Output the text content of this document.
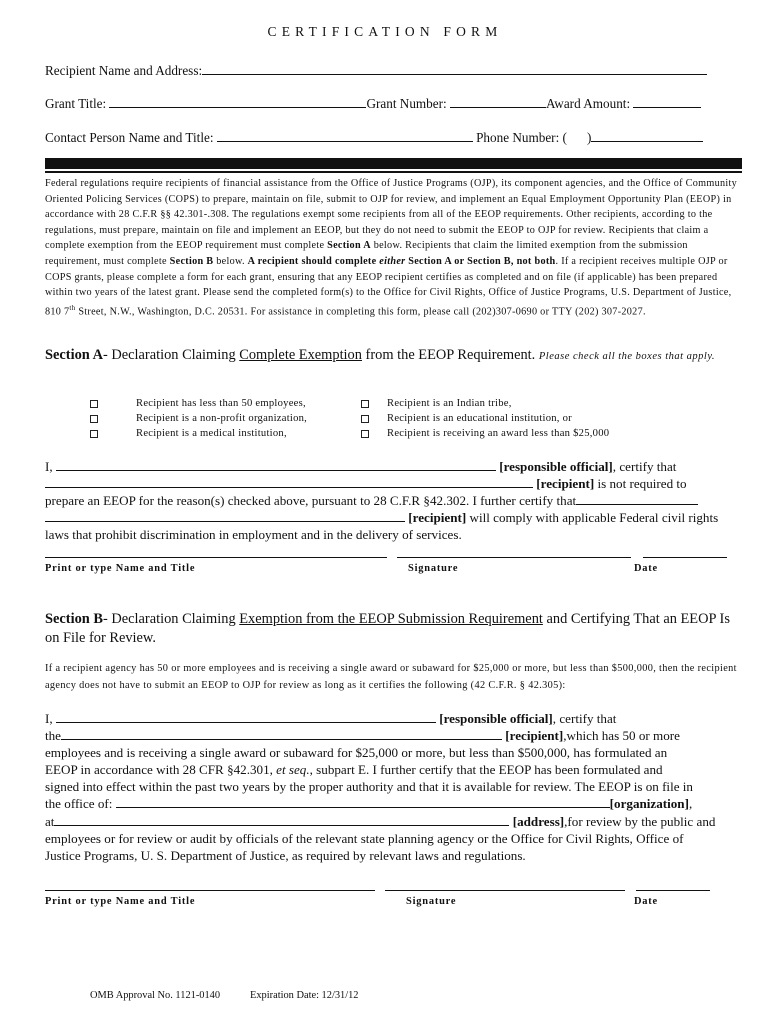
CERTIFICATION FORM
Recipient Name and Address:
Grant Title:	Grant Number:	Award Amount:
Contact Person Name and Title:	Phone Number: ( )
Federal regulations require recipients of financial assistance from the Office of Justice Programs (OJP), its component agencies, and the Office of Community Oriented Policing Services (COPS) to prepare, maintain on file, submit to OJP for review, and implement an Equal Employment Opportunity Plan (EEOP) in accordance with 28 C.F.R §§ 42.301-.308. The regulations exempt some recipients from all of the EEOP requirements. Other recipients, according to the regulations, must prepare, maintain on file and implement an EEOP, but they do not need to submit the EEOP to OJP for review. Recipients that claim a complete exemption from the EEOP requirement must complete Section A below. Recipients that claim the limited exemption from the submission requirement, must complete Section B below. A recipient should complete either Section A or Section B, not both. If a recipient receives multiple OJP or COPS grants, please complete a form for each grant, ensuring that any EEOP recipient certifies as completed and on file (if applicable) has been prepared within two years of the latest grant. Please send the completed form(s) to the Office for Civil Rights, Office of Justice Programs, U.S. Department of Justice, 810 7th Street, N.W., Washington, D.C. 20531. For assistance in completing this form, please call (202)307-0690 or TTY (202) 307-2027.
Section A- Declaration Claiming Complete Exemption from the EEOP Requirement. Please check all the boxes that apply.
Recipient has less than 50 employees,
Recipient is a non-profit organization,
Recipient is a medical institution,
Recipient is an Indian tribe,
Recipient is an educational institution, or
Recipient is receiving an award less than $25,000
I,	[responsible official], certify that
[recipient] is not required to
prepare an EEOP for the reason(s) checked above, pursuant to 28 C.F.R §42.302. I further certify that
[recipient] will comply with applicable Federal civil rights
laws that prohibit discrimination in employment and in the delivery of services.
Print or type Name and Title	Signature	Date
Section B- Declaration Claiming Exemption from the EEOP Submission Requirement and Certifying That an EEOP Is on File for Review.
If a recipient agency has 50 or more employees and is receiving a single award or subaward for $25,000 or more, but less than $500,000, then the recipient agency does not have to submit an EEOP to OJP for review as long as it certifies the following (42 C.F.R. § 42.305):
I,	[responsible official], certify that
the	[recipient],which has 50 or more
employees and is receiving a single award or subaward for $25,000 or more, but less than $500,000, has formulated an
EEOP in accordance with 28 CFR §42.301, et seq., subpart E. I further certify that the EEOP has been formulated and
signed into effect within the past two years by the proper authority and that it is available for review. The EEOP is on file in
the office of:	[organization],
at	[address],for review by the public and
employees or for review or audit by officials of the relevant state planning agency or the Office for Civil Rights, Office of
Justice Programs, U. S. Department of Justice, as required by relevant laws and regulations.
Print or type Name and Title	Signature	Date
OMB Approval No. 1121-0140	Expiration Date: 12/31/12
